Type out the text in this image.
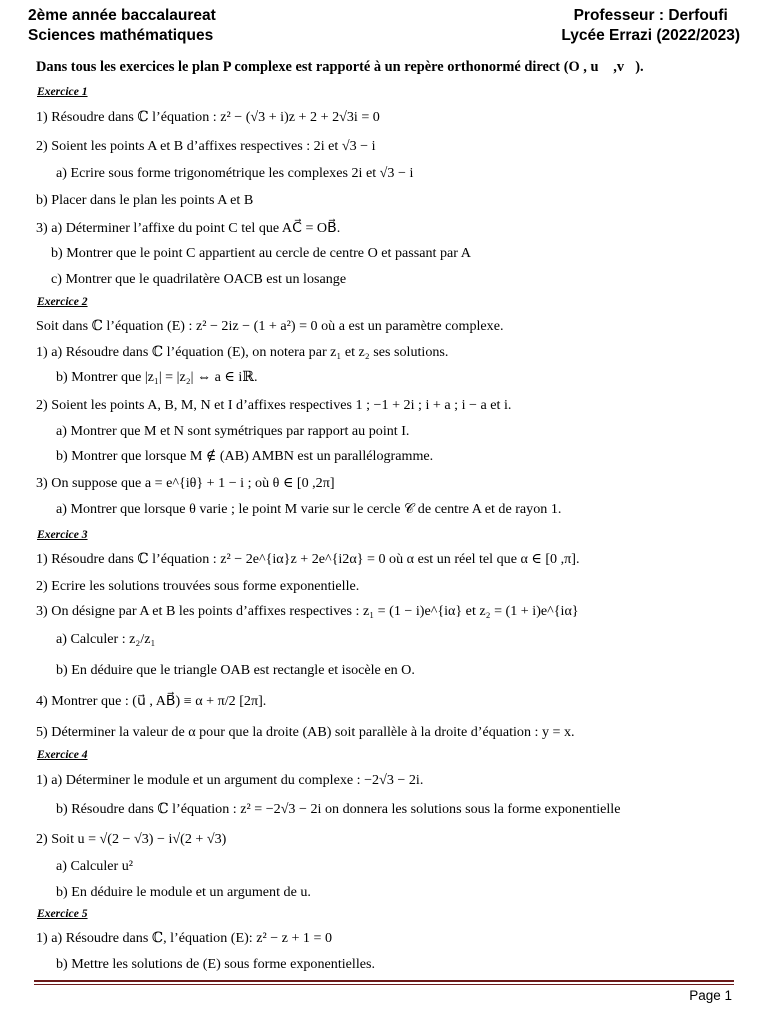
2ème année baccalaureat
Sciences mathématiques
Professeur : Derfoufi
Lycée Errazi (2022/2023)
Dans tous les exercices le plan P complexe est rapporté à un repère orthonormé direct (O , u⃗ ,v⃗).
Exercice 1
1) Résoudre dans ℂ l’équation : z² − (√3 + i)z + 2 + 2√3i = 0
2) Soient les points A et B d’affixes respectives : 2i et √3 − i
a) Ecrire sous forme trigonométrique les complexes 2i et √3 − i
b) Placer dans le plan les points A et B
3) a) Déterminer l’affixe du point C tel que AC⃗ = OB⃗.
b) Montrer que le point C appartient au cercle de centre O et passant par A
c) Montrer que le quadrilatère OACB est un losange
Exercice 2
Soit dans ℂ l’équation (E) : z² − 2iz − (1 + a²) = 0 où a est un paramètre complexe.
1) a) Résoudre dans ℂ l’équation (E), on notera par z₁ et z₂ ses solutions.
b) Montrer que |z₁| = |z₂| ⇔ a ∈ iℝ.
2) Soient les points A, B, M, N et I d’affixes respectives 1 ; −1 + 2i ; i + a ; i − a et i.
a) Montrer que M et N sont symétriques par rapport au point I.
b) Montrer que lorsque M ∉ (AB) AMBN est un parallélogramme.
3) On suppose que a = e^{iθ} + 1 − i ; où θ ∈ [0 ,2π]
a) Montrer que lorsque θ varie ; le point M varie sur le cercle 𝒞 de centre A et de rayon 1.
Exercice 3
1) Résoudre dans ℂ l’équation : z² − 2e^{iα}z + 2e^{i2α} = 0 où α est un réel tel que α ∈ [0 ,π].
2) Ecrire les solutions trouvées sous forme exponentielle.
3) On désigne par A et B les points d’affixes respectives : z₁ = (1 − i)e^{iα} et z₂ = (1 + i)e^{iα}
a) Calculer : z₂/z₁
b) En déduire que le triangle OAB est rectangle et isocèle en O.
4) Montrer que : (u⃗ , AB⃗) ≡ α + π/2 [2π].
5) Déterminer la valeur de α pour que la droite (AB) soit parallèle à la droite d’équation : y = x.
Exercice 4
1) a) Déterminer le module et un argument du complexe : −2√3 − 2i.
b) Résoudre dans ℂ l’équation : z² = −2√3 − 2i on donnera les solutions sous la forme exponentielle
2) Soit u = √(2 − √3) − i√(2 + √3)
a) Calculer u²
b) En déduire le module et un argument de u.
Exercice 5
1) a) Résoudre dans ℂ, l’équation (E): z² − z + 1 = 0
b) Mettre les solutions de (E) sous forme exponentielles.
Page 1
